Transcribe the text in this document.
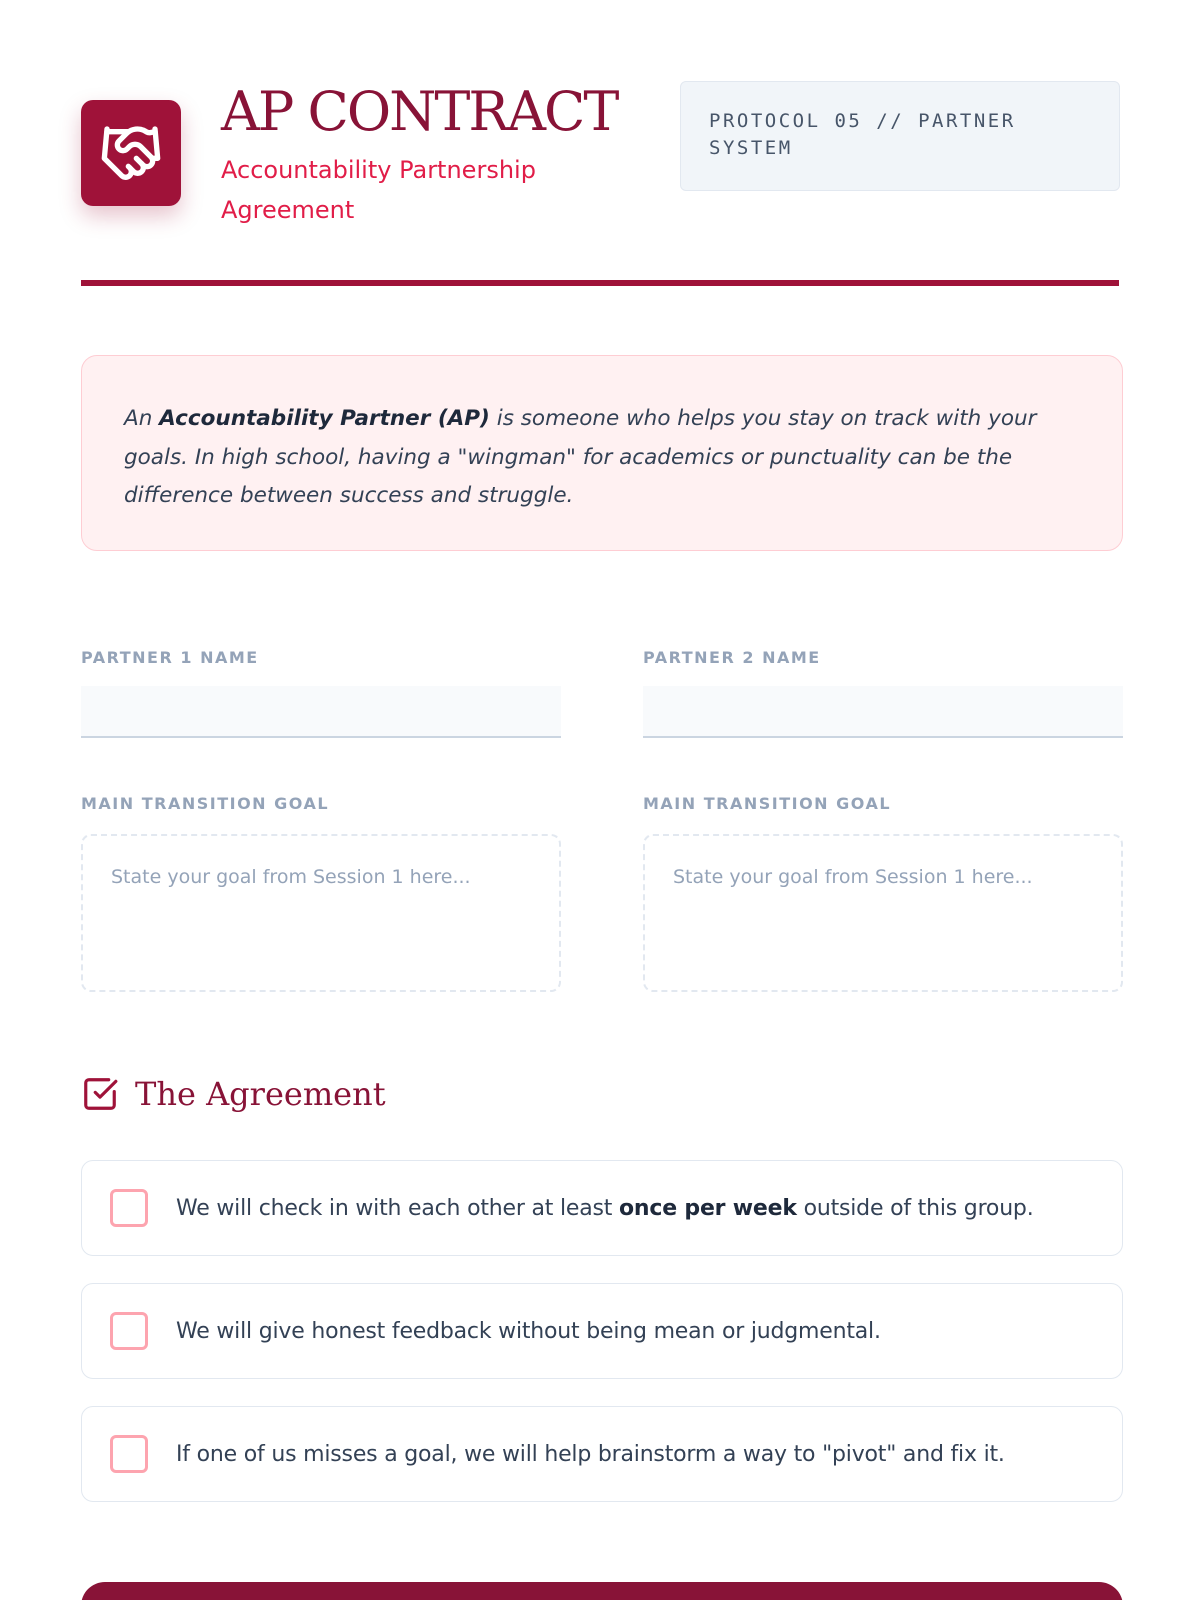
AP CONTRACT
Accountability Partnership Agreement
PROTOCOL 05 // PARTNER SYSTEM

An Accountability Partner (AP) is someone who helps you stay on track with your goals. In high school, having a "wingman" for academics or punctuality can be the difference between success and struggle.

PARTNER 1 NAME	PARTNER 2 NAME
MAIN TRANSITION GOAL
State your goal from Session 1 here...	MAIN TRANSITION GOAL
State your goal from Session 1 here...
The Agreement
We will check in with each other at least once per week outside of this group.
We will give honest feedback without being mean or judgmental.
If one of us misses a goal, we will help brainstorm a way to "pivot" and fix it.
